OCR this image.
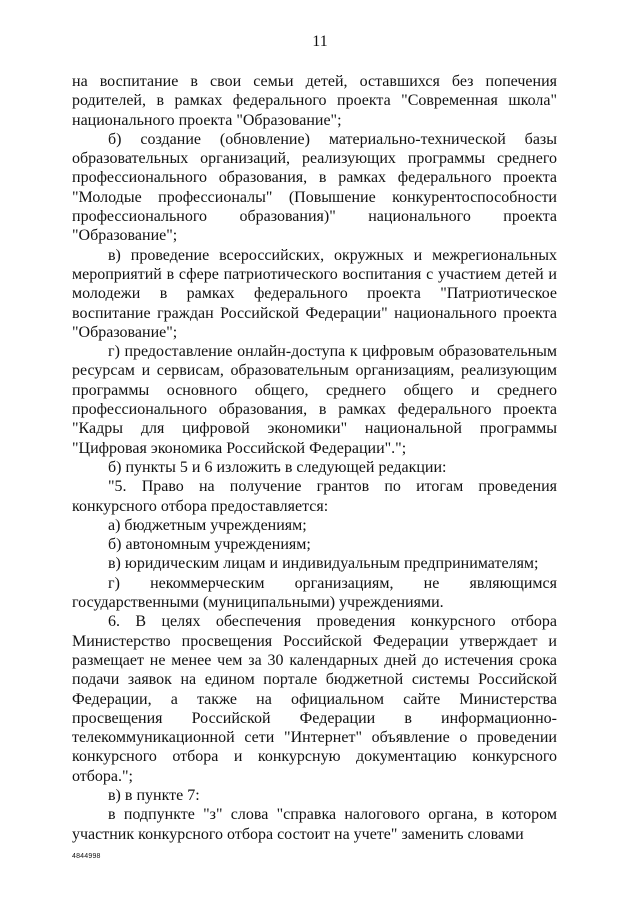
11

на воспитание в свои семьи детей, оставшихся без попечения родителей, в рамках федерального проекта "Современная школа" национального проекта "Образование";

б) создание (обновление) материально-технической базы образовательных организаций, реализующих программы среднего профессионального образования, в рамках федерального проекта "Молодые профессионалы" (Повышение конкурентоспособности профессионального образования)" национального проекта "Образование";

в) проведение всероссийских, окружных и межрегиональных мероприятий в сфере патриотического воспитания с участием детей и молодежи в рамках федерального проекта "Патриотическое воспитание граждан Российской Федерации" национального проекта "Образование";

г) предоставление онлайн-доступа к цифровым образовательным ресурсам и сервисам, образовательным организациям, реализующим программы основного общего, среднего общего и среднего профессионального образования, в рамках федерального проекта "Кадры для цифровой экономики" национальной программы "Цифровая экономика Российской Федерации".";

б) пункты 5 и 6 изложить в следующей редакции:

"5. Право на получение грантов по итогам проведения конкурсного отбора предоставляется:

а) бюджетным учреждениям;

б) автономным учреждениям;

в) юридическим лицам и индивидуальным предпринимателям;

г) некоммерческим организациям, не являющимся государственными (муниципальными) учреждениями.

6. В целях обеспечения проведения конкурсного отбора Министерство просвещения Российской Федерации утверждает и размещает не менее чем за 30 календарных дней до истечения срока подачи заявок на едином портале бюджетной системы Российской Федерации, а также на официальном сайте Министерства просвещения Российской Федерации в информационно-телекоммуникационной сети "Интернет" объявление о проведении конкурсного отбора и конкурсную документацию конкурсного отбора.";

в) в пункте 7:

в подпункте "з" слова "справка налогового органа, в котором участник конкурсного отбора состоит на учете" заменить словами

4844998
